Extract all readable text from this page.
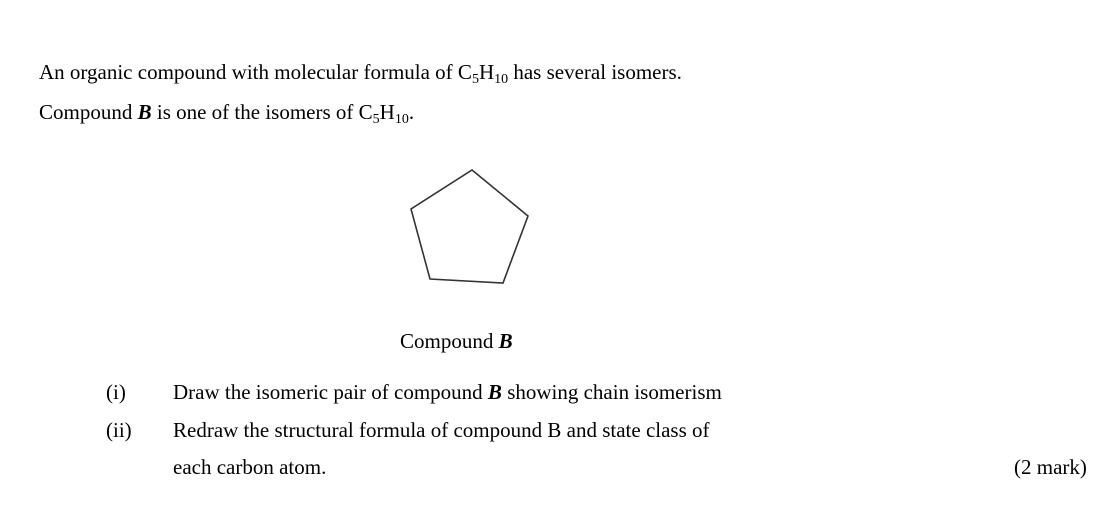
An organic compound with molecular formula of $C_5H_{10}$ has several isomers.
Compound B is one of the isomers of $C_5H_{10}$.
Compound B
(i) Draw the isomeric pair of compound B showing chain isomerism
(ii) Redraw the structural formula of compound B and state class of
each carbon atom.	(2 mark)
